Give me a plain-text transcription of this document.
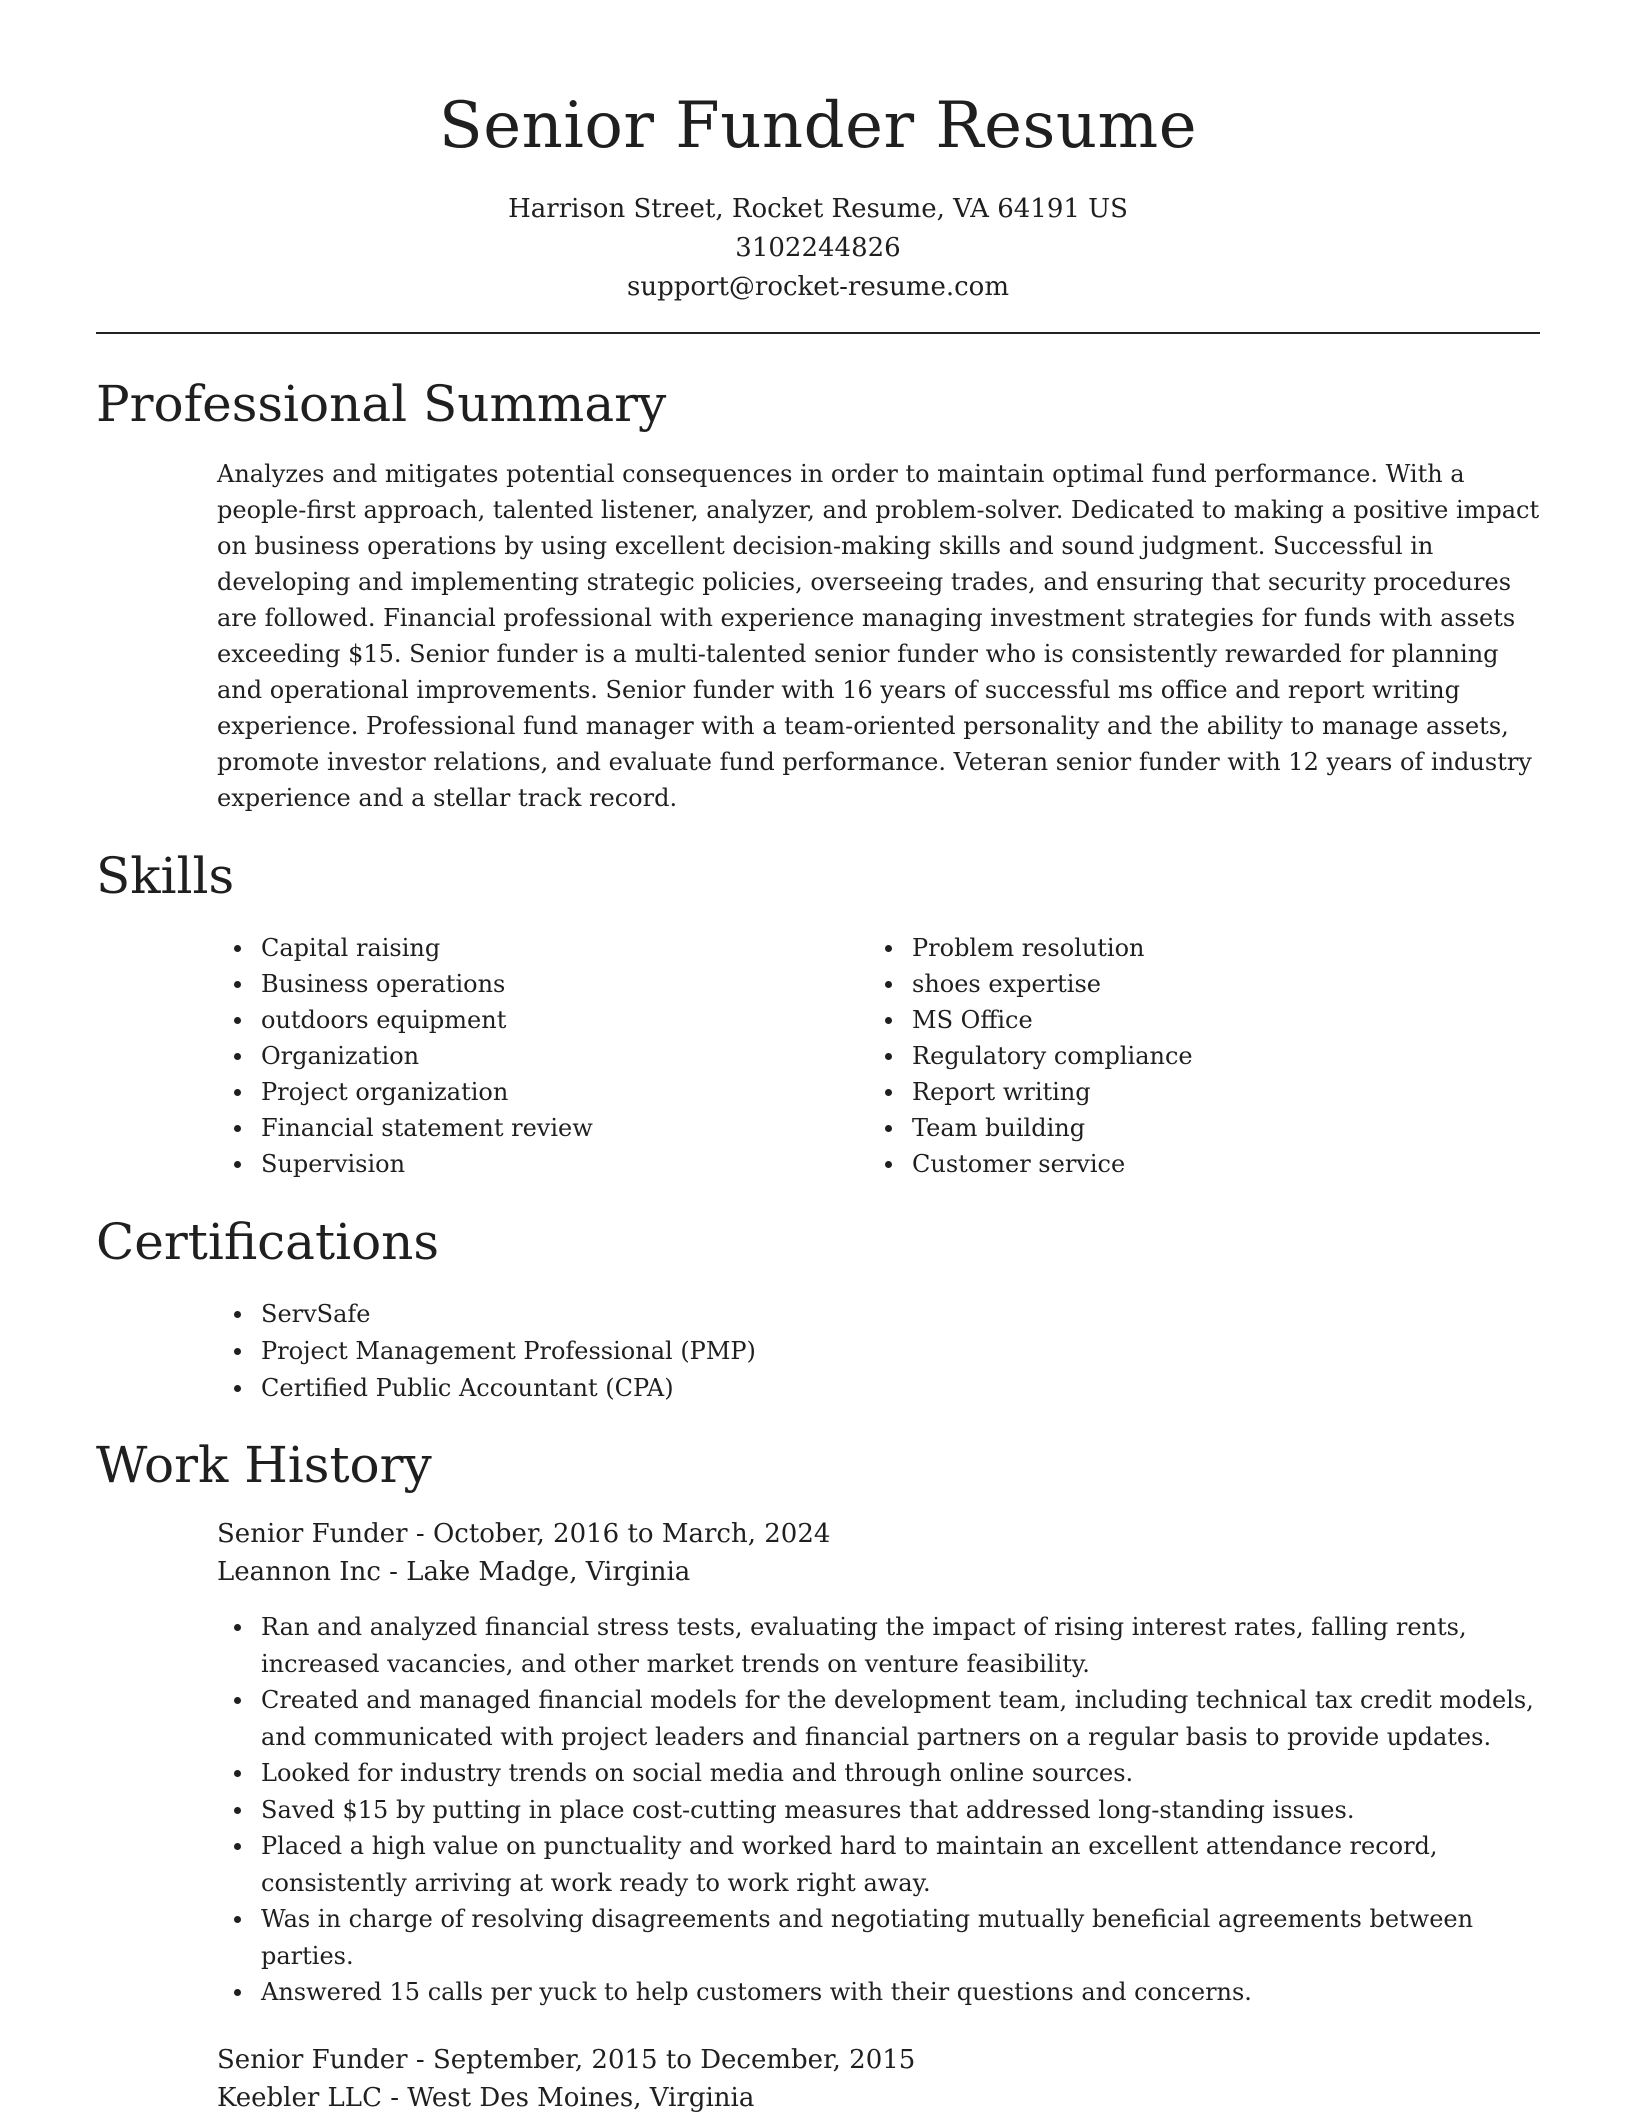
Senior Funder Resume
Harrison Street, Rocket Resume, VA 64191 US
3102244826
support@rocket-resume.com
Professional Summary

Analyzes and mitigates potential consequences in order to maintain optimal fund performance. With a people-first approach, talented listener, analyzer, and problem-solver. Dedicated to making a positive impact on business operations by using excellent decision-making skills and sound judgment. Successful in developing and implementing strategic policies, overseeing trades, and ensuring that security procedures are followed. Financial professional with experience managing investment strategies for funds with assets exceeding $15. Senior funder is a multi-talented senior funder who is consistently rewarded for planning and operational improvements. Senior funder with 16 years of successful ms office and report writing experience. Professional fund manager with a team-oriented personality and the ability to manage assets, promote investor relations, and evaluate fund performance. Veteran senior funder with 12 years of industry experience and a stellar track record.

Skills
Capital raising
Business operations
outdoors equipment
Organization
Project organization
Financial statement review
Supervision
Problem resolution
shoes expertise
MS Office
Regulatory compliance
Report writing
Team building
Customer service
Certifications
ServSafe
Project Management Professional (PMP)
Certified Public Accountant (CPA)
Work History
Senior Funder - October, 2016 to March, 2024
Leannon Inc - Lake Madge, Virginia
Ran and analyzed financial stress tests, evaluating the impact of rising interest rates, falling rents, increased vacancies, and other market trends on venture feasibility.
Created and managed financial models for the development team, including technical tax credit models, and communicated with project leaders and financial partners on a regular basis to provide updates.
Looked for industry trends on social media and through online sources.
Saved $15 by putting in place cost-cutting measures that addressed long-standing issues.
Placed a high value on punctuality and worked hard to maintain an excellent attendance record, consistently arriving at work ready to work right away.
Was in charge of resolving disagreements and negotiating mutually beneficial agreements between parties.
Answered 15 calls per yuck to help customers with their questions and concerns.
Senior Funder - September, 2015 to December, 2015
Keebler LLC - West Des Moines, Virginia
